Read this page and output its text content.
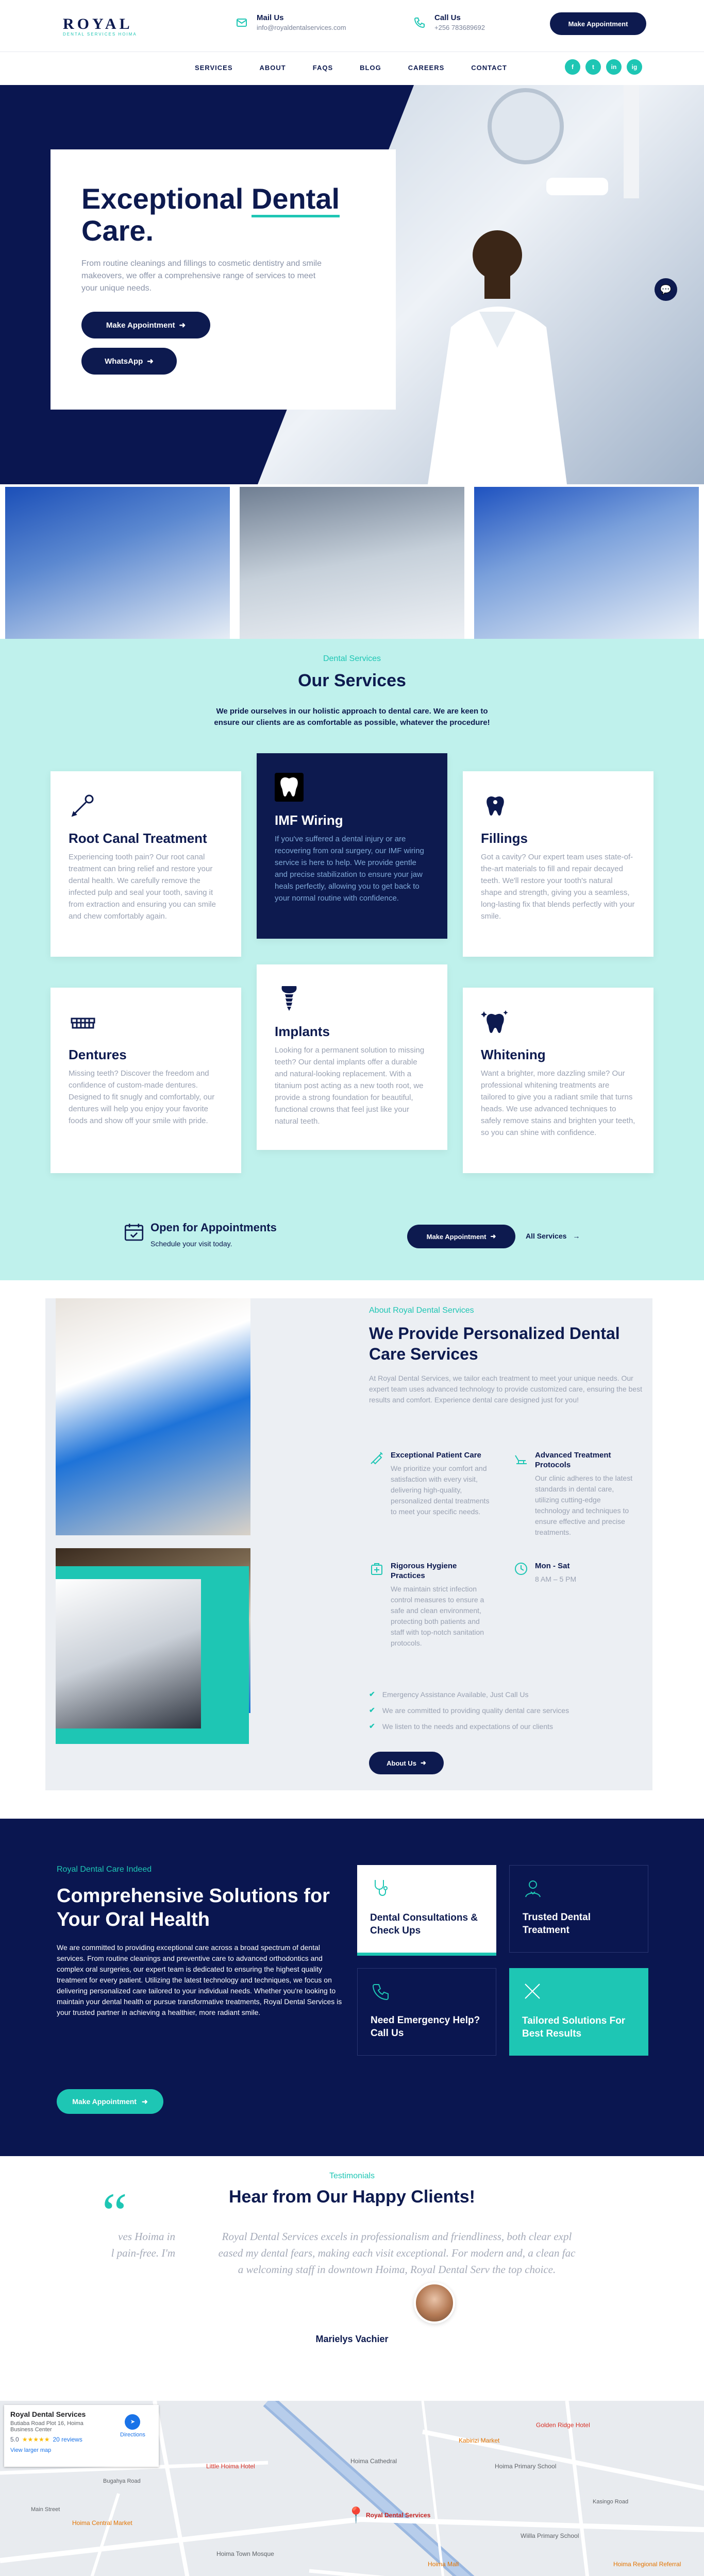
ROYAL
DENTAL SERVICES HOIMA
Mail Us
info@royaldentalservices.com
Call Us
+256 783689692	Make Appointment
SERVICES	ABOUT	FAQS	BLOG	CAREERS	CONTACT	f	t	in	ig
💬
Exceptional Dental
Care.

From routine cleanings and fillings to cosmetic dentistry and smile makeovers, we offer a comprehensive range of services to meet your unique needs.

Make Appointment ➜
WhatsApp ➜
Dental Services
Our Services
We pride ourselves in our holistic approach to dental care. We are keen to ensure our clients are as comfortable as possible, whatever the procedure!
Root Canal Treatment

Experiencing tooth pain? Our root canal treatment can bring relief and restore your dental health. We carefully remove the infected pulp and seal your tooth, saving it from extraction and ensuring you can smile and chew comfortably again.

IMF Wiring

If you've suffered a dental injury or are recovering from oral surgery, our IMF wiring service is here to help. We provide gentle and precise stabilization to ensure your jaw heals perfectly, allowing you to get back to your normal routine with confidence.

Fillings

Got a cavity? Our expert team uses state-of-the-art materials to fill and repair decayed teeth. We'll restore your tooth's natural shape and strength, giving you a seamless, long-lasting fix that blends perfectly with your smile.

Dentures

Missing teeth? Discover the freedom and confidence of custom-made dentures. Designed to fit snugly and comfortably, our dentures will help you enjoy your favorite foods and show off your smile with pride.

Implants

Looking for a permanent solution to missing teeth? Our dental implants offer a durable and natural-looking replacement. With a titanium post acting as a new tooth root, we provide a strong foundation for beautiful, functional crowns that feel just like your natural teeth.

Whitening

Want a brighter, more dazzling smile? Our professional whitening treatments are tailored to give you a radiant smile that turns heads. We use advanced techniques to safely remove stains and brighten your teeth, so you can shine with confidence.

Open for Appointments
Schedule your visit today.
Make Appointment ➜	All Services →
About Royal Dental Services
We Provide Personalized Dental Care Services
At Royal Dental Services, we tailor each treatment to meet your unique needs. Our expert team uses advanced technology to provide customized care, ensuring the best results and comfort. Experience dental care designed just for you!
Exceptional Patient Care

We prioritize your comfort and satisfaction with every visit, delivering high-quality, personalized dental treatments to meet your specific needs.

Advanced Treatment Protocols

Our clinic adheres to the latest standards in dental care, utilizing cutting-edge technology and techniques to ensure effective and precise treatments.

Rigorous Hygiene Practices

We maintain strict infection control measures to ensure a safe and clean environment, protecting both patients and staff with top-notch sanitation protocols.

Mon - Sat

8 AM – 5 PM

✔ Emergency Assistance Available, Just Call Us
✔ We are committed to providing quality dental care services
✔ We listen to the needs and expectations of our clients
About Us ➜
Royal Dental Care Indeed
Comprehensive Solutions for Your Oral Health
We are committed to providing exceptional care across a broad spectrum of dental services. From routine cleanings and preventive care to advanced orthodontics and complex oral surgeries, our expert team is dedicated to ensuring the highest quality treatment for every patient. Utilizing the latest technology and techniques, we focus on delivering personalized care tailored to your individual needs. Whether you're looking to maintain your dental health or pursue transformative treatments, Royal Dental Services is your trusted partner in achieving a healthier, more radiant smile.
Make Appointment ➜
Dental Consultations & Check Ups
Trusted Dental Treatment
Need Emergency Help? Call Us
Tailored Solutions For Best Results
Testimonials
Hear from Our Happy Clients!
“
ves Hoima in
l pain-free. I'm
Royal Dental Services excels in professionalism and friendliness, both clear expl
eased my dental fears, making each visit exceptional. For modern and, a clean fac
a welcoming staff in downtown Hoima, Royal Dental Serv the top choice.
Marielys Vachier
Royal Dental Services
Butiaba Road Plot 16, Hoima Business Center
5.0 ★★★★★ 20 reviews
View larger map
➤
Directions
📍 Royal Dental Services
Kabirizi Market
Hoima Town Mosque
Hoima Primary School
Hoima Central Market
Little Hoima Hotel
Hoima Regional Referral
Kasingo Road
Main Street
Wiilla Primary School
Golden Ridge Hotel
Bugahya Road
Hoima Mall
Hoima Cathedral
